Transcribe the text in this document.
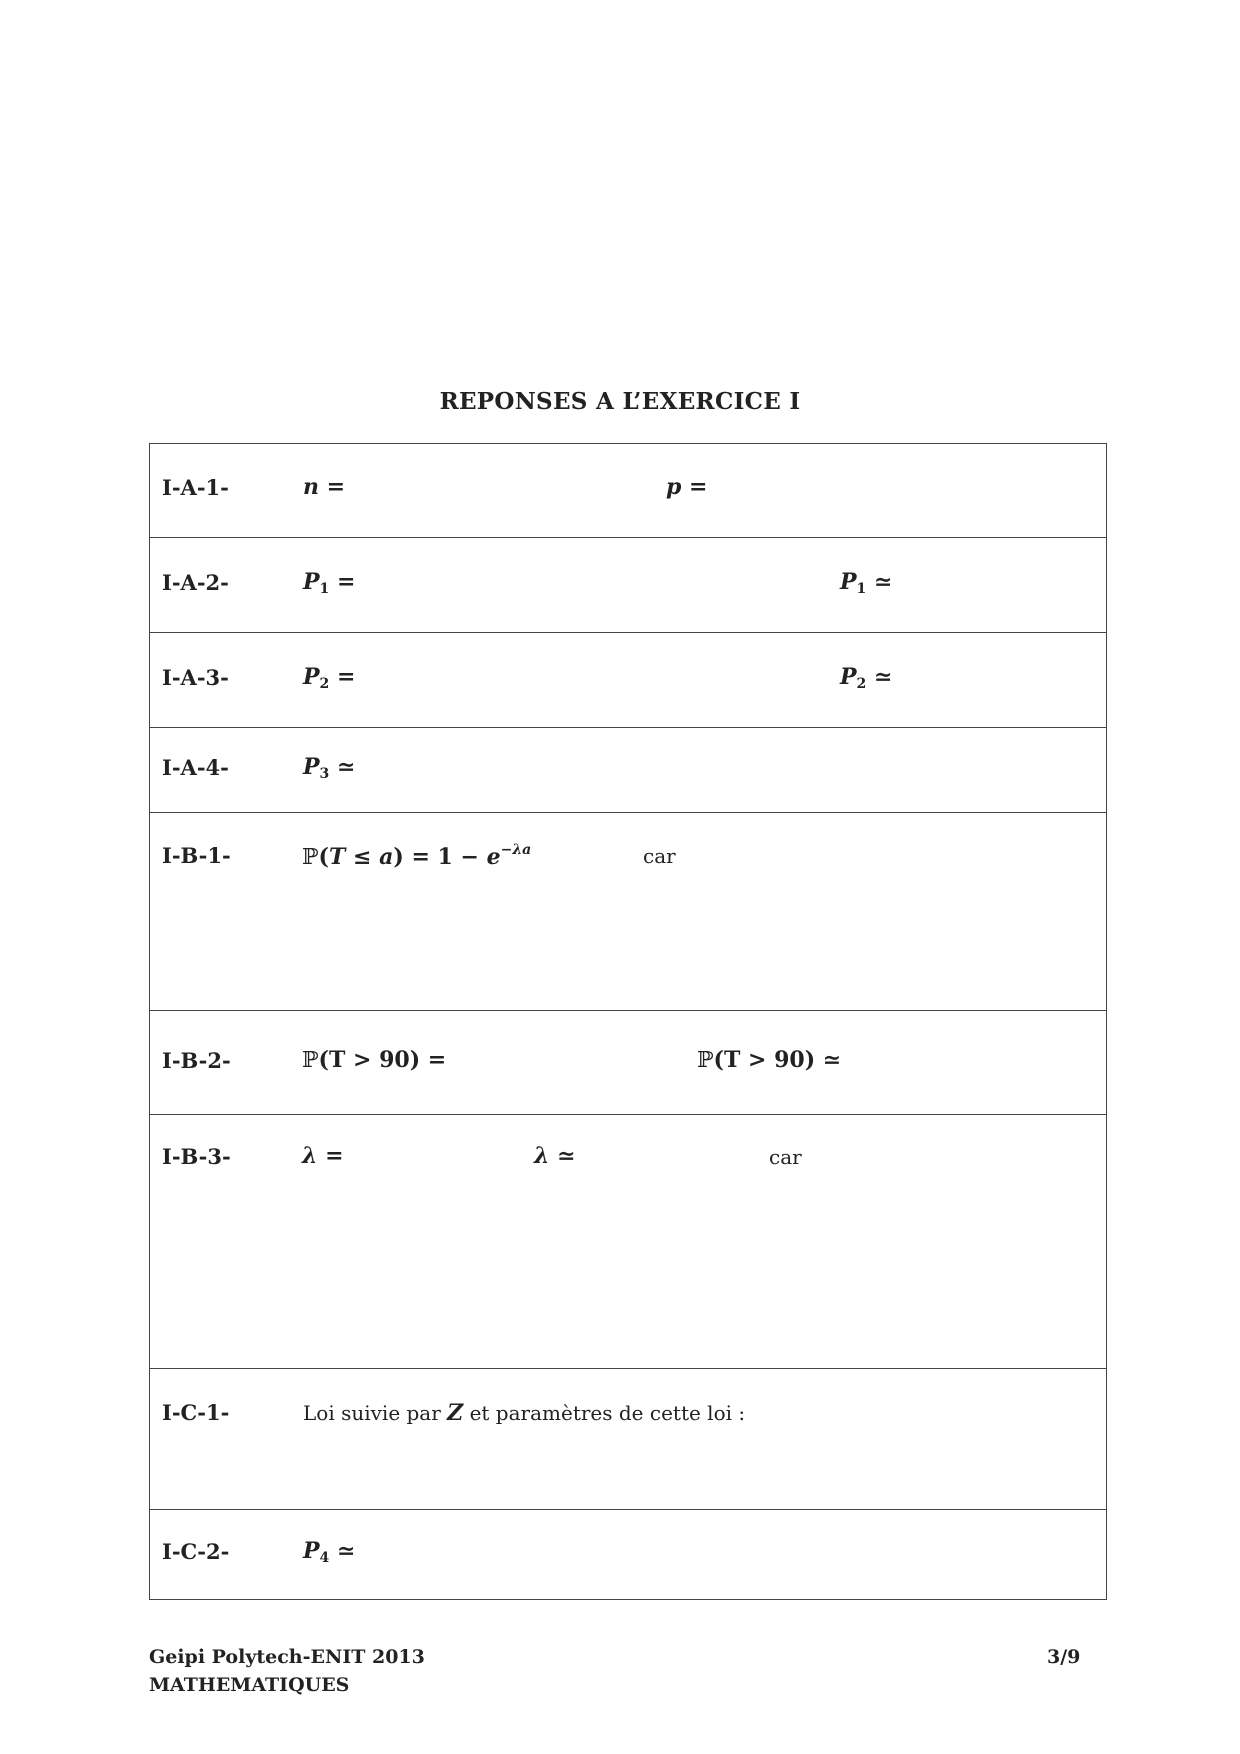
REPONSES A L’EXERCICE I
I-A-1-	n =	p =
I-A-2-	$P_1$ =	$P_1$ ≃
I-A-3-	$P_2$ =	$P_2$ ≃
I-A-4-	$P_3$ ≃
I-B-1-	ℙ(T ≤ $a) = 1 - e^{-\lambda a}$	car
I-B-2-	ℙ(T > 90) =	ℙ(T > 90) ≃
I-B-3-	λ =	λ ≃	car
I-C-1-	Loi suivie par Z et paramètres de cette loi :
I-C-2-	$P_4$ ≃
Geipi Polytech-ENIT 2013
MATHEMATIQUES
3/9
